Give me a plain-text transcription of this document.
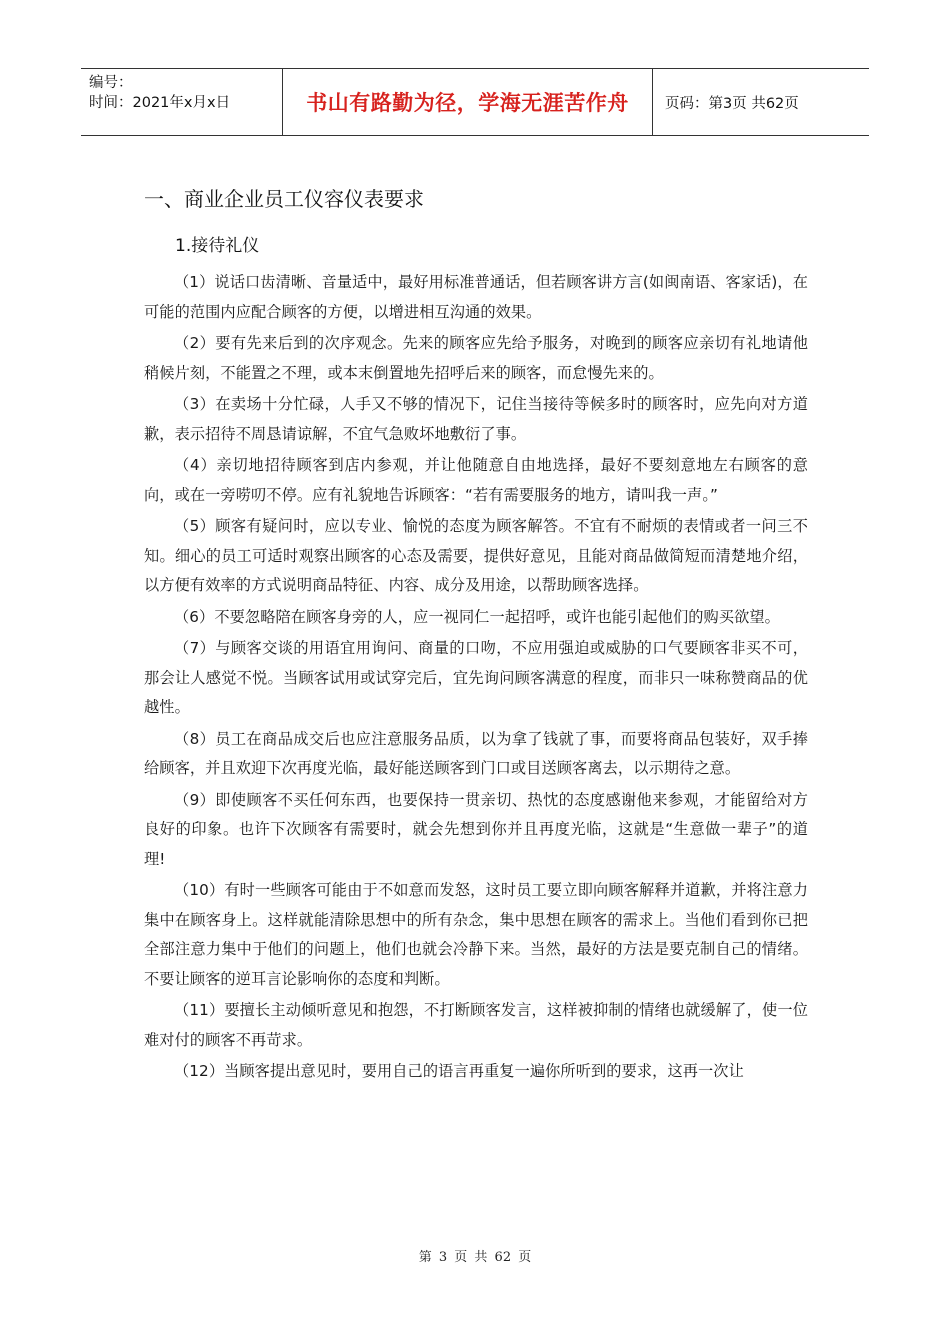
编号：
时间：2021年x月x日	书山有路勤为径，学海无涯苦作舟	页码：第3页 共62页
一、商业企业员工仪容仪表要求
1.接待礼仪

（1）说话口齿清晰、音量适中，最好用标准普通话，但若顾客讲方言(如闽南语、客家话)，在可能的范围内应配合顾客的方便，以增进相互沟通的效果。

（2）要有先来后到的次序观念。先来的顾客应先给予服务，对晚到的顾客应亲切有礼地请他稍候片刻，不能置之不理，或本末倒置地先招呼后来的顾客，而怠慢先来的。

（3）在卖场十分忙碌，人手又不够的情况下，记住当接待等候多时的顾客时，应先向对方道歉，表示招待不周恳请谅解，不宜气急败坏地敷衍了事。

（4）亲切地招待顾客到店内参观，并让他随意自由地选择，最好不要刻意地左右顾客的意向，或在一旁唠叨不停。应有礼貌地告诉顾客：“若有需要服务的地方，请叫我一声。”

（5）顾客有疑问时，应以专业、愉悦的态度为顾客解答。不宜有不耐烦的表情或者一问三不知。细心的员工可适时观察出顾客的心态及需要，提供好意见，且能对商品做简短而清楚地介绍，以方便有效率的方式说明商品特征、内容、成分及用途，以帮助顾客选择。

（6）不要忽略陪在顾客身旁的人，应一视同仁一起招呼，或许也能引起他们的购买欲望。

（7）与顾客交谈的用语宜用询问、商量的口吻，不应用强迫或威胁的口气要顾客非买不可，那会让人感觉不悦。当顾客试用或试穿完后，宜先询问顾客满意的程度，而非只一味称赞商品的优越性。

（8）员工在商品成交后也应注意服务品质，以为拿了钱就了事，而要将商品包装好，双手捧给顾客，并且欢迎下次再度光临，最好能送顾客到门口或目送顾客离去，以示期待之意。

（9）即使顾客不买任何东西，也要保持一贯亲切、热忱的态度感谢他来参观，才能留给对方良好的印象。也许下次顾客有需要时，就会先想到你并且再度光临，这就是“生意做一辈子”的道理!

（10）有时一些顾客可能由于不如意而发怒，这时员工要立即向顾客解释并道歉，并将注意力集中在顾客身上。这样就能清除思想中的所有杂念，集中思想在顾客的需求上。当他们看到你已把全部注意力集中于他们的问题上，他们也就会冷静下来。当然，最好的方法是要克制自己的情绪。不要让顾客的逆耳言论影响你的态度和判断。

（11）要擅长主动倾听意见和抱怨，不打断顾客发言，这样被抑制的情绪也就缓解了，使一位难对付的顾客不再苛求。

（12）当顾客提出意见时，要用自己的语言再重复一遍你所听到的要求，这再一次让

第 3 页 共 62 页
